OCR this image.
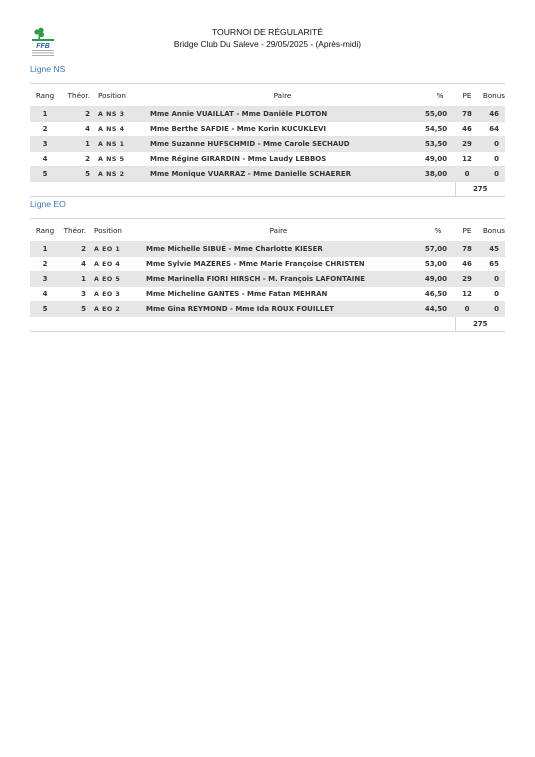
FFB
TOURNOI DE RÉGULARITÉ
Bridge Club Du Saleve - 29/05/2025 - (Après-midi)
Ligne NS
Rang	Théor.	Position	Paire	%	PE	Bonus
1	2	A NS 3	Mme Annie VUAILLAT - Mme Danièle PLOTON	55,00	78	46
2	4	A NS 4	Mme Berthe SAFDIE - Mme Korin KUCUKLEVI	54,50	46	64
3	1	A NS 1	Mme Suzanne HUFSCHMID - Mme Carole SECHAUD	53,50	29	0
4	2	A NS 5	Mme Régine GIRARDIN - Mme Laudy LEBBOS	49,00	12	0
5	5	A NS 2	Mme Monique VUARRAZ - Mme Danielle SCHAERER	38,00	0	0
					275	
Ligne EO
Rang	Théor.	Position	Paire	%	PE	Bonus
1	2	A EO 1	Mme Michelle SIBUÉ - Mme Charlotte KIESER	57,00	78	45
2	4	A EO 4	Mme Sylvie MAZERES - Mme Marie Françoise CHRISTEN	53,00	46	65
3	1	A EO 5	Mme Marinella FIORI HIRSCH - M. François LAFONTAINE	49,00	29	0
4	3	A EO 3	Mme Micheline GANTES - Mme Fatan MEHRAN	46,50	12	0
5	5	A EO 2	Mme Gina REYMOND - Mme Ida ROUX FOUILLET	44,50	0	0
					275	
